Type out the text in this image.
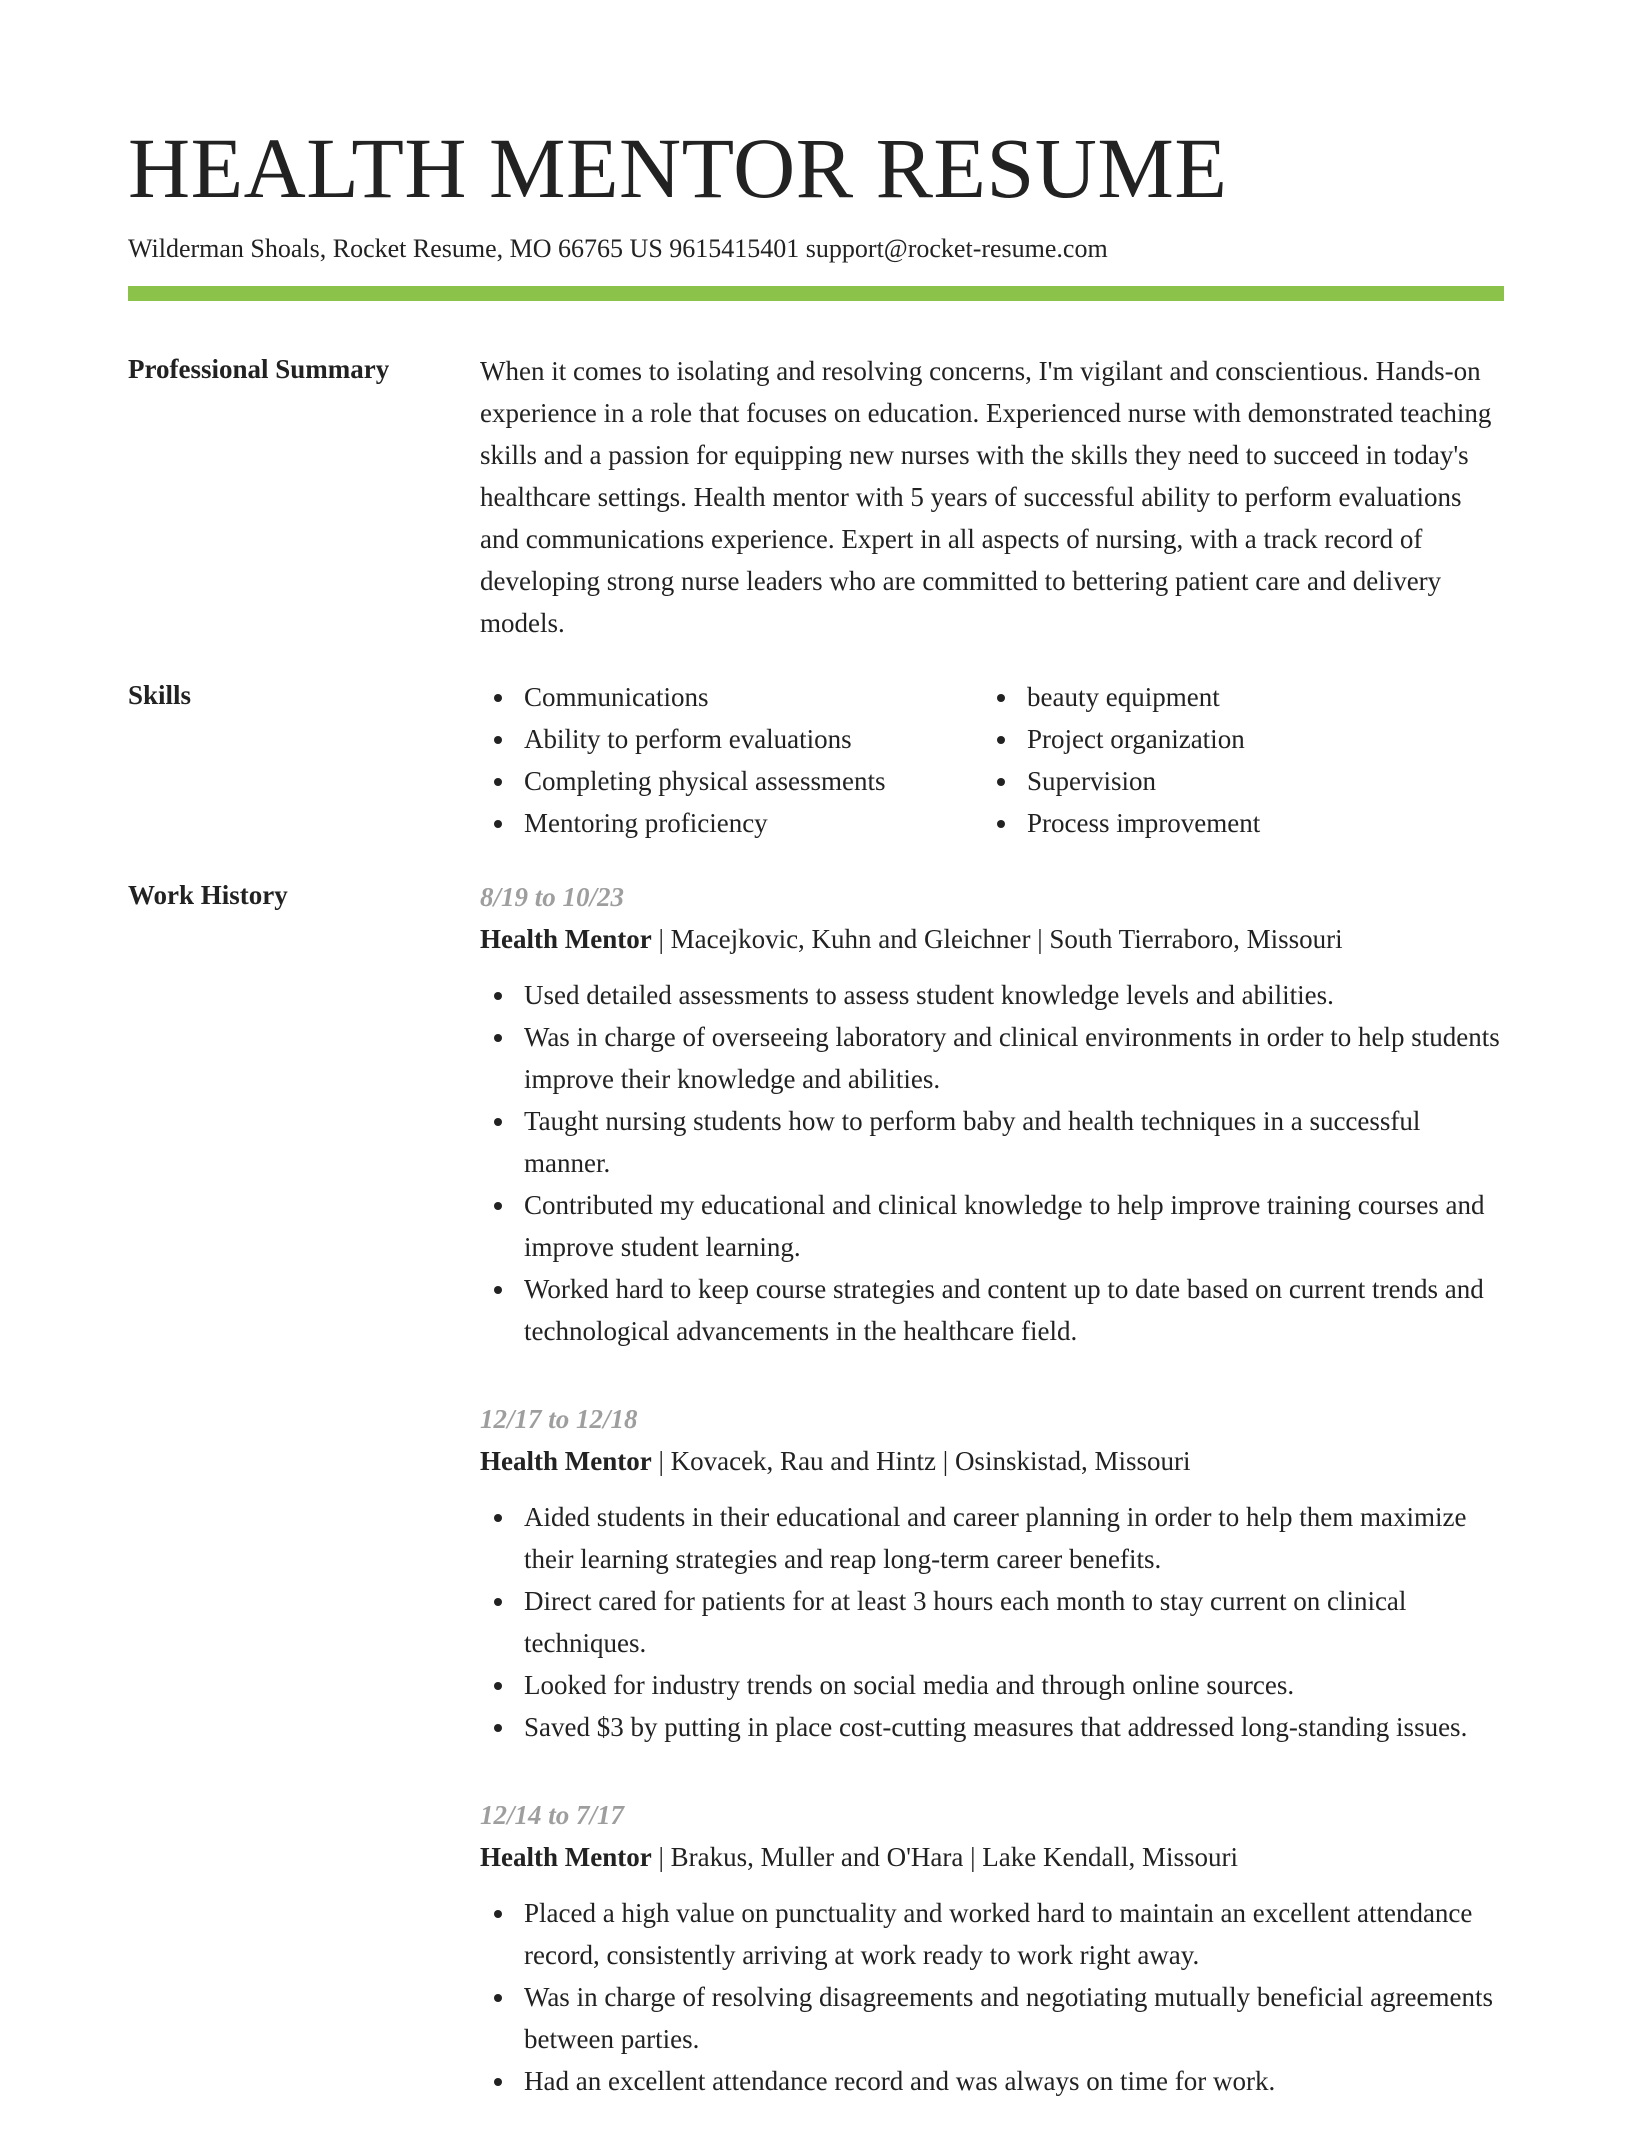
HEALTH MENTOR RESUME
Wilderman Shoals, Rocket Resume, MO 66765 US 9615415401 support@rocket-resume.com
Professional Summary	When it comes to isolating and resolving concerns, I'm vigilant and conscientious. Hands-on experience in a role that focuses on education. Experienced nurse with demonstrated teaching skills and a passion for equipping new nurses with the skills they need to succeed in today's healthcare settings. Health mentor with 5 years of successful ability to perform evaluations and communications experience. Expert in all aspects of nursing, with a track record of developing strong nurse leaders who are committed to bettering patient care and delivery models.

Skills	Communications
Ability to perform evaluations
Completing physical assessments
Mentoring proficiency
beauty equipment
Project organization
Supervision
Process improvement
Work History	8/19 to 10/23
Health Mentor | Macejkovic, Kuhn and Gleichner | South Tierraboro, Missouri
Used detailed assessments to assess student knowledge levels and abilities.
Was in charge of overseeing laboratory and clinical environments in order to help students improve their knowledge and abilities.
Taught nursing students how to perform baby and health techniques in a successful manner.
Contributed my educational and clinical knowledge to help improve training courses and improve student learning.
Worked hard to keep course strategies and content up to date based on current trends and technological advancements in the healthcare field.
12/17 to 12/18
Health Mentor | Kovacek, Rau and Hintz | Osinskistad, Missouri
Aided students in their educational and career planning in order to help them maximize their learning strategies and reap long-term career benefits.
Direct cared for patients for at least 3 hours each month to stay current on clinical techniques.
Looked for industry trends on social media and through online sources.
Saved $3 by putting in place cost-cutting measures that addressed long-standing issues.
12/14 to 7/17
Health Mentor | Brakus, Muller and O'Hara | Lake Kendall, Missouri
Placed a high value on punctuality and worked hard to maintain an excellent attendance record, consistently arriving at work ready to work right away.
Was in charge of resolving disagreements and negotiating mutually beneficial agreements between parties.
Had an excellent attendance record and was always on time for work.
